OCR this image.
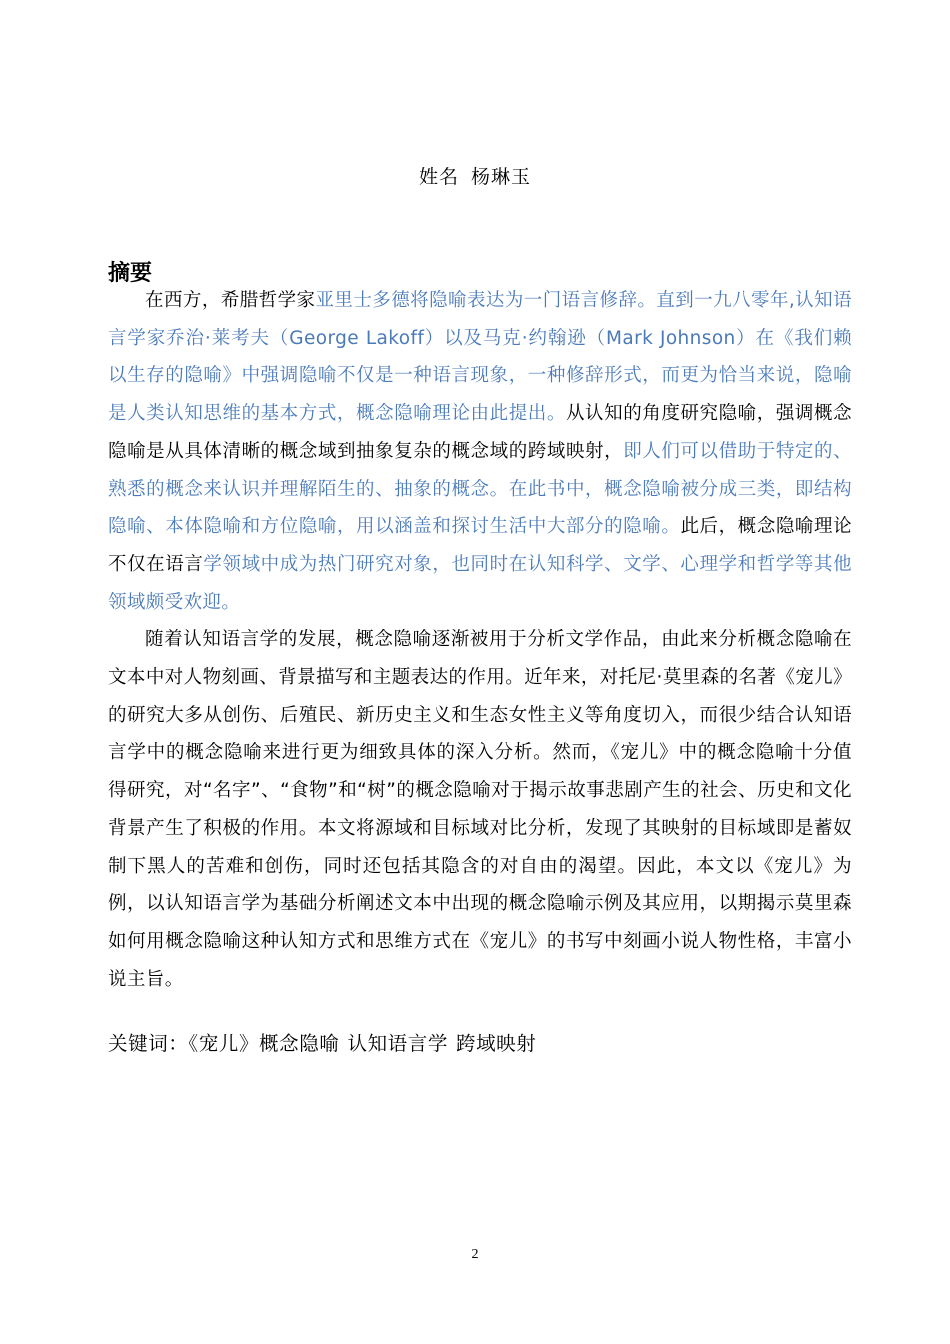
姓名 杨琳玉
摘要

在西方，希腊哲学家亚里士多德将隐喻表达为一门语言修辞。直到一九八零年,认知语言学家乔治·莱考夫（George Lakoff）以及马克·约翰逊（Mark Johnson）在《我们赖以生存的隐喻》中强调隐喻不仅是一种语言现象，一种修辞形式，而更为恰当来说，隐喻是人类认知思维的基本方式，概念隐喻理论由此提出。从认知的角度研究隐喻，强调概念隐喻是从具体清晰的概念域到抽象复杂的概念域的跨域映射，即人们可以借助于特定的、熟悉的概念来认识并理解陌生的、抽象的概念。在此书中，概念隐喻被分成三类，即结构隐喻、本体隐喻和方位隐喻，用以涵盖和探讨生活中大部分的隐喻。此后，概念隐喻理论不仅在语言学领域中成为热门研究对象，也同时在认知科学、文学、心理学和哲学等其他领域颇受欢迎。

随着认知语言学的发展，概念隐喻逐渐被用于分析文学作品，由此来分析概念隐喻在文本中对人物刻画、背景描写和主题表达的作用。近年来，对托尼·莫里森的名著《宠儿》的研究大多从创伤、后殖民、新历史主义和生态女性主义等角度切入，而很少结合认知语言学中的概念隐喻来进行更为细致具体的深入分析。然而，《宠儿》中的概念隐喻十分值得研究，对“名字”、“食物”和“树”的概念隐喻对于揭示故事悲剧产生的社会、历史和文化背景产生了积极的作用。本文将源域和目标域对比分析，发现了其映射的目标域即是蓄奴制下黑人的苦难和创伤，同时还包括其隐含的对自由的渴望。因此，本文以《宠儿》为例，以认知语言学为基础分析阐述文本中出现的概念隐喻示例及其应用，以期揭示莫里森如何用概念隐喻这种认知方式和思维方式在《宠儿》的书写中刻画小说人物性格，丰富小说主旨。

关键词：《宠儿》概念隐喻 认知语言学 跨域映射
2
